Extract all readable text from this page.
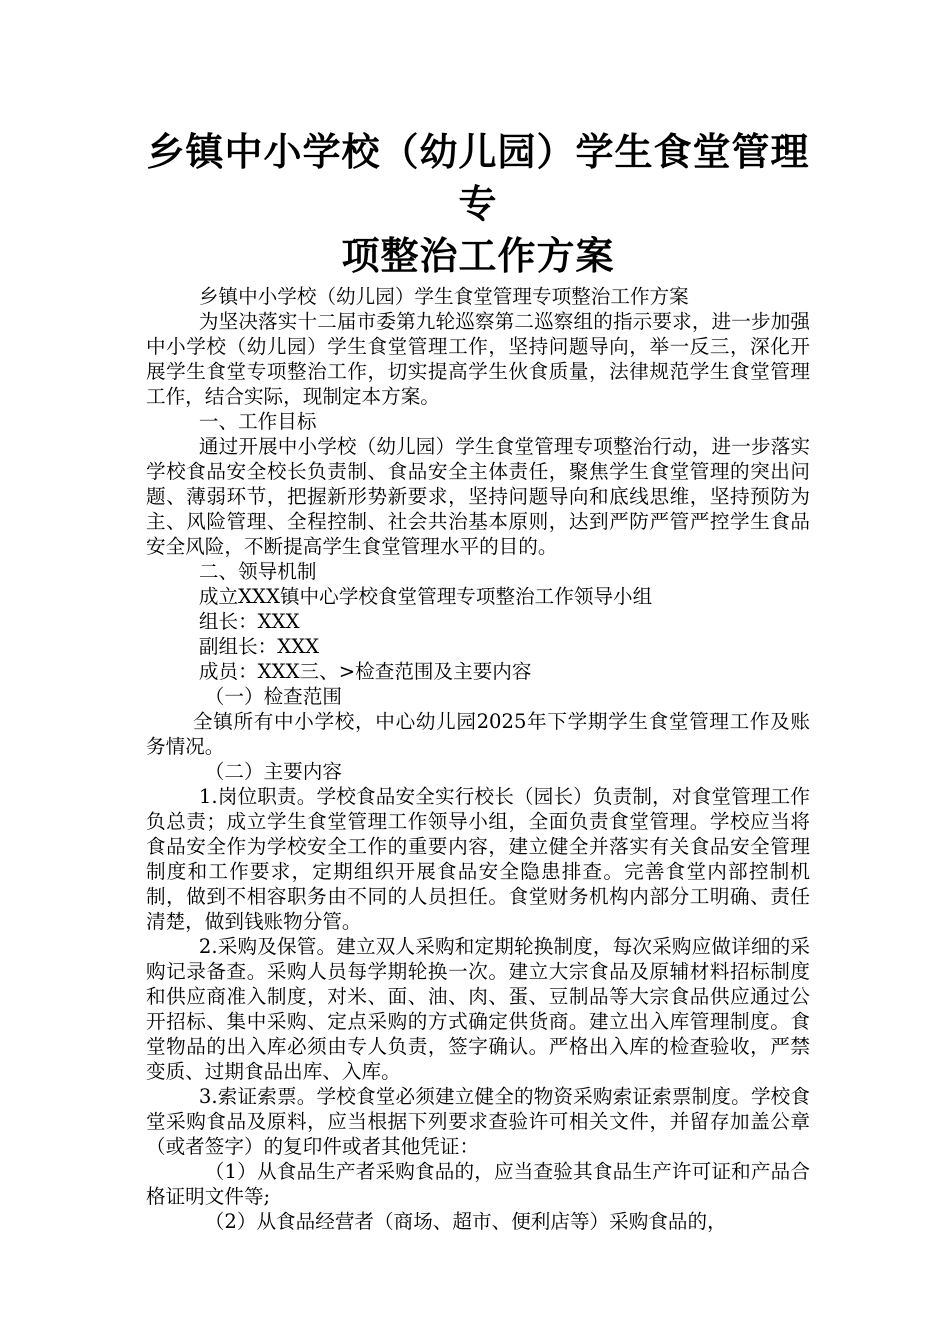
乡镇中小学校（幼儿园）学生食堂管理专
项整治工作方案

乡镇中小学校（幼儿园）学生食堂管理专项整治工作方案

为坚决落实十二届市委第九轮巡察第二巡察组的指示要求，进一步加强中小学校（幼儿园）学生食堂管理工作，坚持问题导向，举一反三，深化开展学生食堂专项整治工作，切实提高学生伙食质量，法律规范学生食堂管理工作，结合实际，现制定本方案。

一、工作目标

通过开展中小学校（幼儿园）学生食堂管理专项整治行动，进一步落实学校食品安全校长负责制、食品安全主体责任，聚焦学生食堂管理的突出问题、薄弱环节，把握新形势新要求，坚持问题导向和底线思维，坚持预防为主、风险管理、全程控制、社会共治基本原则，达到严防严管严控学生食品安全风险，不断提高学生食堂管理水平的目的。

二、领导机制

成立XXX镇中心学校食堂管理专项整治工作领导小组

组长：XXX

副组长：XXX

成员：XXX三、>检查范围及主要内容

（一）检查范围

全镇所有中小学校，中心幼儿园2025年下学期学生食堂管理工作及账务情况。

（二）主要内容

1.岗位职责。学校食品安全实行校长（园长）负责制，对食堂管理工作负总责；成立学生食堂管理工作领导小组，全面负责食堂管理。学校应当将食品安全作为学校安全工作的重要内容，建立健全并落实有关食品安全管理制度和工作要求，定期组织开展食品安全隐患排查。完善食堂内部控制机制，做到不相容职务由不同的人员担任。食堂财务机构内部分工明确、责任清楚，做到钱账物分管。

2.采购及保管。建立双人采购和定期轮换制度，每次采购应做详细的采购记录备查。采购人员每学期轮换一次。建立大宗食品及原辅材料招标制度和供应商准入制度，对米、面、油、肉、蛋、豆制品等大宗食品供应通过公开招标、集中采购、定点采购的方式确定供货商。建立出入库管理制度。食堂物品的出入库必须由专人负责，签字确认。严格出入库的检查验收，严禁变质、过期食品出库、入库。

3.索证索票。学校食堂必须建立健全的物资采购索证索票制度。学校食堂采购食品及原料，应当根据下列要求查验许可相关文件，并留存加盖公章（或者签字）的复印件或者其他凭证：

（1）从食品生产者采购食品的，应当查验其食品生产许可证和产品合格证明文件等;

（2）从食品经营者（商场、超市、便利店等）采购食品的，
